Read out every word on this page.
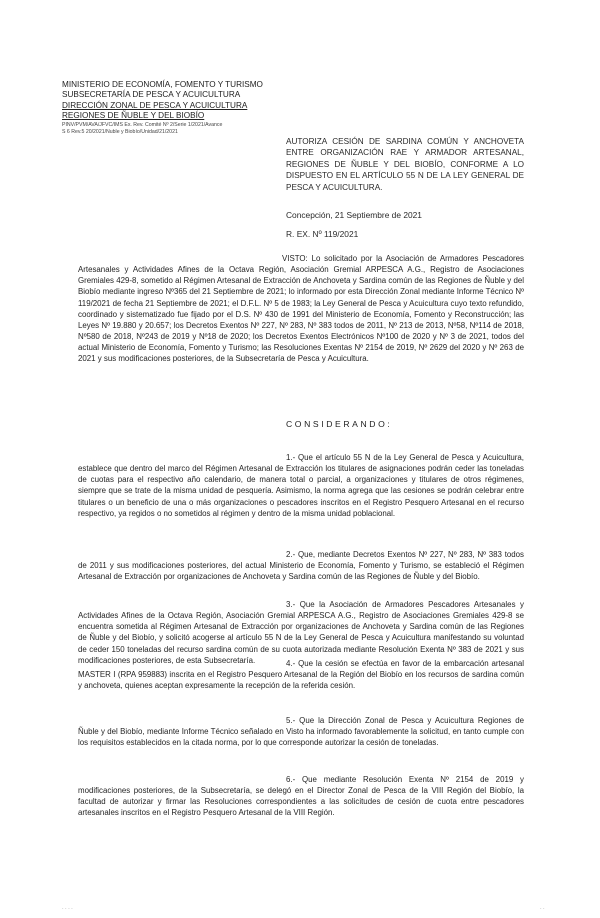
MINISTERIO DE ECONOMÍA, FOMENTO Y TURISMO
SUBSECRETARÍA DE PESCA Y ACUICULTURA
DIRECCIÓN ZONAL DE PESCA Y ACUICULTURA
REGIONES DE ÑUBLE Y DEL BIOBÍO
PINV/PVM/AVA/JFVC/IMS Ex. Rev. Comité Nº 2/Serie 1/2021/Avance
S 6 Rev.5 20/2021/Ñuble y Biobío/Unidad/21/2021
AUTORIZA CESIÓN DE SARDINA COMÚN Y ANCHOVETA ENTRE ORGANIZACIÓN RAE Y ARMADOR ARTESANAL, REGIONES DE ÑUBLE Y DEL BIOBÍO, CONFORME A LO DISPUESTO EN EL ARTÍCULO 55 N DE LA LEY GENERAL DE PESCA Y ACUICULTURA.
Concepción, 21 Septiembre de 2021
R. EX. Nº 119/2021

VISTO: Lo solicitado por la Asociación de Armadores Pescadores Artesanales y Actividades Afines de la Octava Región, Asociación Gremial ARPESCA A.G., Registro de Asociaciones Gremiales 429-8, sometido al Régimen Artesanal de Extracción de Anchoveta y Sardina común de las Regiones de Ñuble y del Biobío mediante ingreso Nº365 del 21 Septiembre de 2021; lo informado por esta Dirección Zonal mediante Informe Técnico Nº 119/2021 de fecha 21 Septiembre de 2021; el D.F.L. Nº 5 de 1983; la Ley General de Pesca y Acuicultura cuyo texto refundido, coordinado y sistematizado fue fijado por el D.S. Nº 430 de 1991 del Ministerio de Economía, Fomento y Reconstrucción; las Leyes Nº 19.880 y 20.657; los Decretos Exentos Nº 227, Nº 283, Nº 383 todos de 2011, Nº 213 de 2013, Nº58, Nº114 de 2018, Nº580 de 2018, Nº243 de 2019 y Nº18 de 2020; los Decretos Exentos Electrónicos Nº100 de 2020 y Nº 3 de 2021, todos del actual Ministerio de Economía, Fomento y Turismo; las Resoluciones Exentas Nº 2154 de 2019, Nº 2629 del 2020 y Nº 263 de 2021 y sus modificaciones posteriores, de la Subsecretaría de Pesca y Acuicultura.

CONSIDERANDO:

1.- Que el artículo 55 N de la Ley General de Pesca y Acuicultura, establece que dentro del marco del Régimen Artesanal de Extracción los titulares de asignaciones podrán ceder las toneladas de cuotas para el respectivo año calendario, de manera total o parcial, a organizaciones y titulares de otros régimenes, siempre que se trate de la misma unidad de pesquería. Asimismo, la norma agrega que las cesiones se podrán celebrar entre titulares o un beneficio de una o más organizaciones o pescadores inscritos en el Registro Pesquero Artesanal en el recurso respectivo, ya regidos o no sometidos al régimen y dentro de la misma unidad poblacional.

2.- Que, mediante Decretos Exentos Nº 227, Nº 283, Nº 383 todos de 2011 y sus modificaciones posteriores, del actual Ministerio de Economía, Fomento y Turismo, se estableció el Régimen Artesanal de Extracción por organizaciones de Anchoveta y Sardina común de las Regiones de Ñuble y del Biobío.

3.- Que la Asociación de Armadores Pescadores Artesanales y Actividades Afines de la Octava Región, Asociación Gremial ARPESCA A.G., Registro de Asociaciones Gremiales 429-8 se encuentra sometida al Régimen Artesanal de Extracción por organizaciones de Anchoveta y Sardina común de las Regiones de Ñuble y del Biobío, y solicitó acogerse al artículo 55 N de la Ley General de Pesca y Acuicultura manifestando su voluntad de ceder 150 toneladas del recurso sardina común de su cuota autorizada mediante Resolución Exenta Nº 383 de 2021 y sus modificaciones posteriores, de esta Subsecretaría.	4.- Que la cesión se efectúa en favor de la embarcación artesanal MASTER I (RPA 959883) inscrita en el Registro Pesquero Artesanal de la Región del Biobío en los recursos de sardina común y anchoveta, quienes aceptan expresamente la recepción de la referida cesión.

5.- Que la Dirección Zonal de Pesca y Acuicultura Regiones de Ñuble y del Biobío, mediante Informe Técnico señalado en Visto ha informado favorablemente la solicitud, en tanto cumple con los requisitos establecidos en la citada norma, por lo que corresponde autorizar la cesión de toneladas.

6.- Que mediante Resolución Exenta Nº 2154 de 2019 y modificaciones posteriores, de la Subsecretaría, se delegó en el Director Zonal de Pesca de la VIII Región del Biobío, la facultad de autorizar y firmar las Resoluciones correspondientes a las solicitudes de cesión de cuota entre pescadores artesanales inscritos en el Registro Pesquero Artesanal de la VIII Región.

· · · ·	· ·
